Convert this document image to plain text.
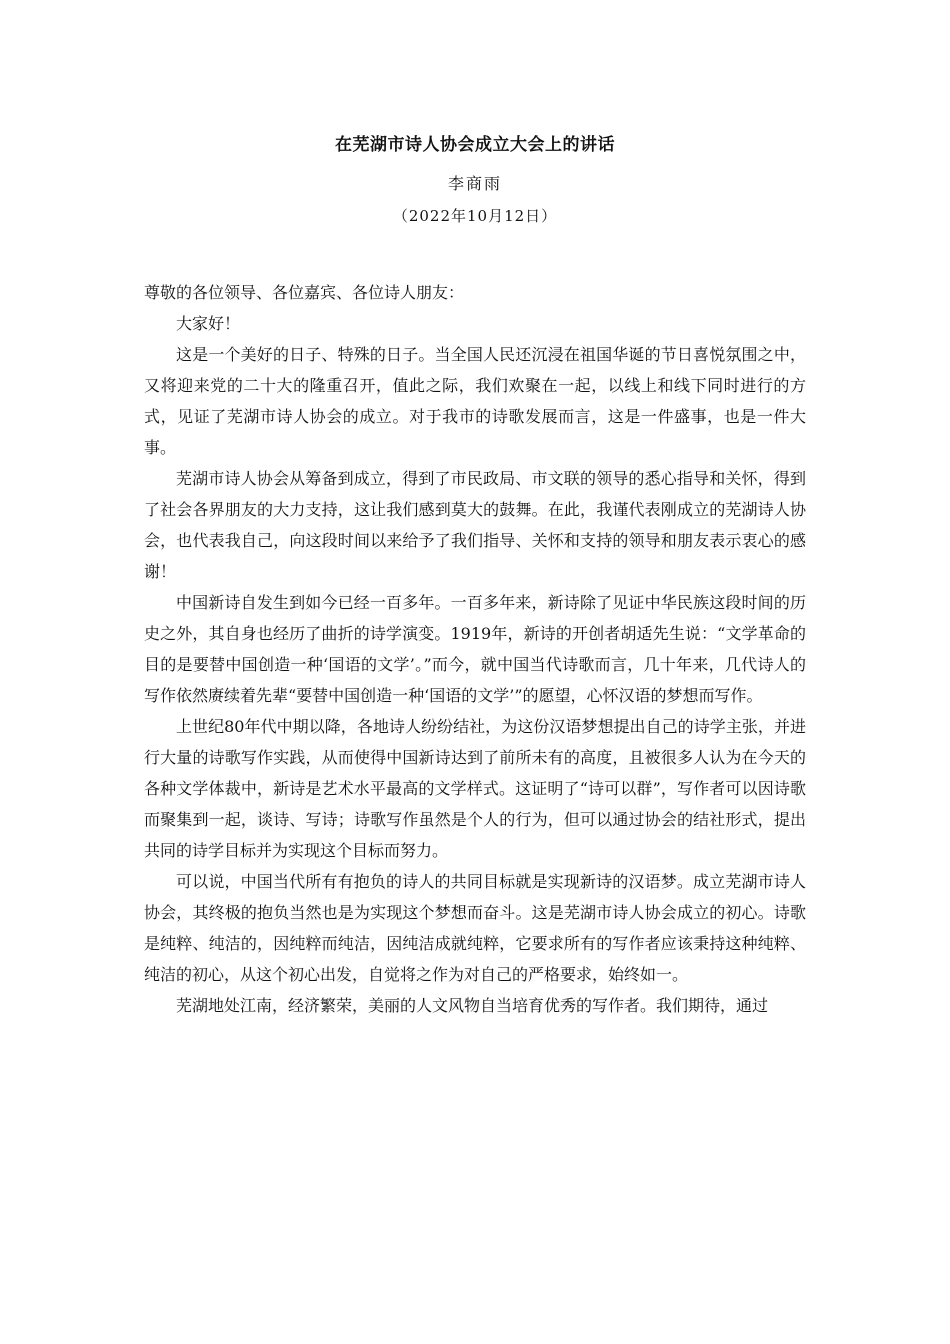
在芜湖市诗人协会成立大会上的讲话
李商雨
（2022年10月12日）

尊敬的各位领导、各位嘉宾、各位诗人朋友：

大家好！

这是一个美好的日子、特殊的日子。当全国人民还沉浸在祖国华诞的节日喜悦氛围之中，又将迎来党的二十大的隆重召开，值此之际，我们欢聚在一起，以线上和线下同时进行的方式，见证了芜湖市诗人协会的成立。对于我市的诗歌发展而言，这是一件盛事，也是一件大事。

芜湖市诗人协会从筹备到成立，得到了市民政局、市文联的领导的悉心指导和关怀，得到了社会各界朋友的大力支持，这让我们感到莫大的鼓舞。在此，我谨代表刚成立的芜湖诗人协会，也代表我自己，向这段时间以来给予了我们指导、关怀和支持的领导和朋友表示衷心的感谢！

中国新诗自发生到如今已经一百多年。一百多年来，新诗除了见证中华民族这段时间的历史之外，其自身也经历了曲折的诗学演变。1919年，新诗的开创者胡适先生说：“文学革命的目的是要替中国创造一种‘国语的文学’。”而今，就中国当代诗歌而言，几十年来，几代诗人的写作依然赓续着先辈“要替中国创造一种‘国语的文学’”的愿望，心怀汉语的梦想而写作。

上世纪80年代中期以降，各地诗人纷纷结社，为这份汉语梦想提出自己的诗学主张，并进行大量的诗歌写作实践，从而使得中国新诗达到了前所未有的高度，且被很多人认为在今天的各种文学体裁中，新诗是艺术水平最高的文学样式。这证明了“诗可以群”，写作者可以因诗歌而聚集到一起，谈诗、写诗；诗歌写作虽然是个人的行为，但可以通过协会的结社形式，提出共同的诗学目标并为实现这个目标而努力。

可以说，中国当代所有有抱负的诗人的共同目标就是实现新诗的汉语梦。成立芜湖市诗人协会，其终极的抱负当然也是为实现这个梦想而奋斗。这是芜湖市诗人协会成立的初心。诗歌是纯粹、纯洁的，因纯粹而纯洁，因纯洁成就纯粹，它要求所有的写作者应该秉持这种纯粹、纯洁的初心，从这个初心出发，自觉将之作为对自己的严格要求，始终如一。

芜湖地处江南，经济繁荣，美丽的人文风物自当培育优秀的写作者。我们期待，通过
